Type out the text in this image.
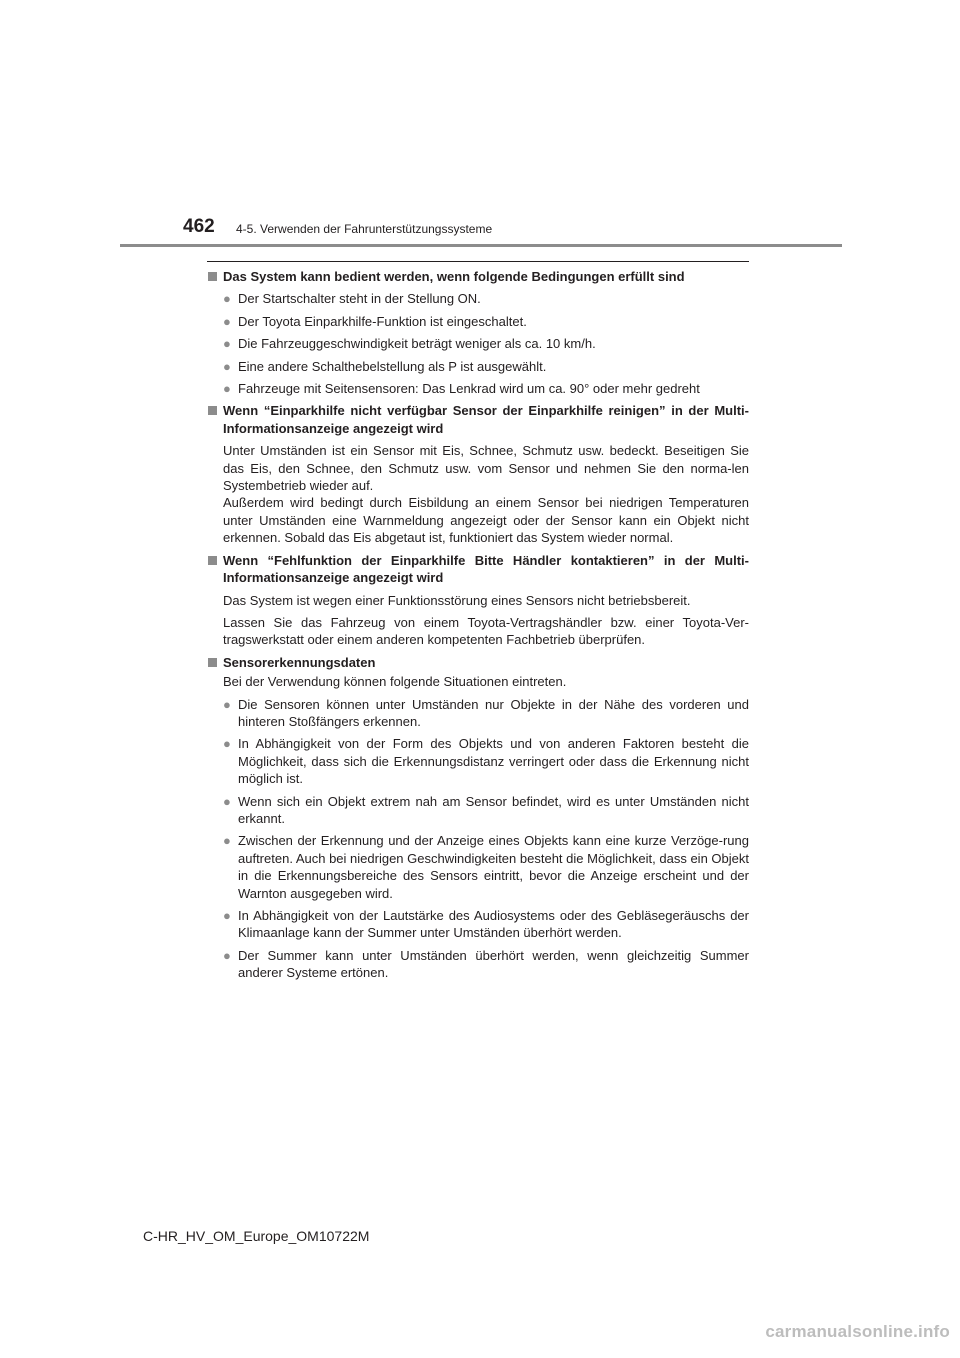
462 4-5. Verwenden der Fahrunterstützungssysteme
Das System kann bedient werden, wenn folgende Bedingungen erfüllt sind
● Der Startschalter steht in der Stellung ON.
● Der Toyota Einparkhilfe-Funktion ist eingeschaltet.
● Die Fahrzeuggeschwindigkeit beträgt weniger als ca. 10 km/h.
● Eine andere Schalthebelstellung als P ist ausgewählt.
● Fahrzeuge mit Seitensensoren: Das Lenkrad wird um ca. 90° oder mehr gedreht
Wenn “Einparkhilfe nicht verfügbar Sensor der Einparkhilfe reinigen” in der Multi-Informationsanzeige angezeigt wird
Unter Umständen ist ein Sensor mit Eis, Schnee, Schmutz usw. bedeckt. Beseitigen Sie das Eis, den Schnee, den Schmutz usw. vom Sensor und nehmen Sie den norma-len Systembetrieb wieder auf.
Außerdem wird bedingt durch Eisbildung an einem Sensor bei niedrigen Temperaturen unter Umständen eine Warnmeldung angezeigt oder der Sensor kann ein Objekt nicht erkennen. Sobald das Eis abgetaut ist, funktioniert das System wieder normal.
Wenn “Fehlfunktion der Einparkhilfe Bitte Händler kontaktieren” in der Multi-Informationsanzeige angezeigt wird
Das System ist wegen einer Funktionsstörung eines Sensors nicht betriebsbereit.
Lassen Sie das Fahrzeug von einem Toyota-Vertragshändler bzw. einer Toyota-Ver-tragswerkstatt oder einem anderen kompetenten Fachbetrieb überprüfen.
Sensorerkennungsdaten
Bei der Verwendung können folgende Situationen eintreten.
● Die Sensoren können unter Umständen nur Objekte in der Nähe des vorderen und hinteren Stoßfängers erkennen.
● In Abhängigkeit von der Form des Objekts und von anderen Faktoren besteht die Möglichkeit, dass sich die Erkennungsdistanz verringert oder dass die Erkennung nicht möglich ist.
● Wenn sich ein Objekt extrem nah am Sensor befindet, wird es unter Umständen nicht erkannt.
● Zwischen der Erkennung und der Anzeige eines Objekts kann eine kurze Verzöge-rung auftreten. Auch bei niedrigen Geschwindigkeiten besteht die Möglichkeit, dass ein Objekt in die Erkennungsbereiche des Sensors eintritt, bevor die Anzeige erscheint und der Warnton ausgegeben wird.
● In Abhängigkeit von der Lautstärke des Audiosystems oder des Gebläsegeräuschs der Klimaanlage kann der Summer unter Umständen überhört werden.
● Der Summer kann unter Umständen überhört werden, wenn gleichzeitig Summer anderer Systeme ertönen.
C-HR_HV_OM_Europe_OM10722M
carmanualsonline.info
